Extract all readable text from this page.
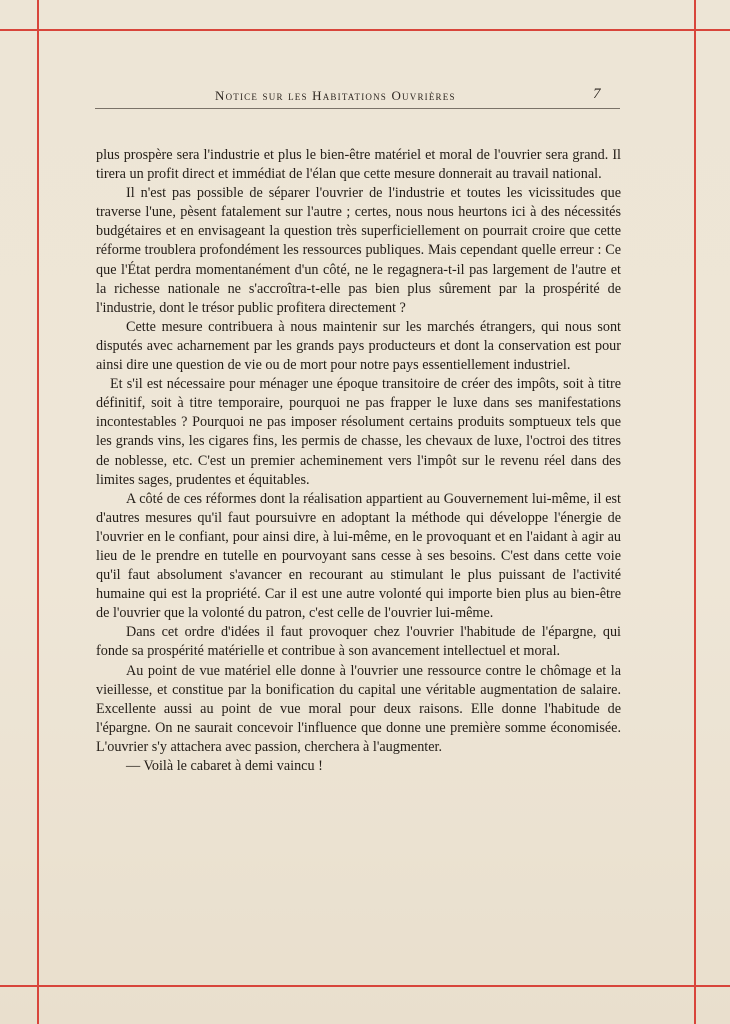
Notice sur les Habitations Ouvrières	7

plus prospère sera l'industrie et plus le bien-être matériel et moral de l'ouvrier sera grand. Il tirera un profit direct et immédiat de l'élan que cette mesure donnerait au travail national.

Il n'est pas possible de séparer l'ouvrier de l'industrie et toutes les vicissitudes que traverse l'une, pèsent fatalement sur l'autre ; certes, nous nous heurtons ici à des nécessités budgétaires et en envisageant la question très superficiellement on pourrait croire que cette réforme troublera profondément les ressources publiques. Mais cependant quelle erreur : Ce que l'État perdra momentanément d'un côté, ne le regagnera-t-il pas largement de l'autre et la richesse nationale ne s'accroîtra-t-elle pas bien plus sûrement par la prospérité de l'industrie, dont le trésor public profitera directement ?

Cette mesure contribuera à nous maintenir sur les marchés étrangers, qui nous sont disputés avec acharnement par les grands pays producteurs et dont la conservation est pour ainsi dire une question de vie ou de mort pour notre pays essentiellement industriel.

Et s'il est nécessaire pour ménager une époque transitoire de créer des impôts, soit à titre définitif, soit à titre temporaire, pourquoi ne pas frapper le luxe dans ses manifestations incontestables ? Pourquoi ne pas imposer résolument certains produits somptueux tels que les grands vins, les cigares fins, les permis de chasse, les chevaux de luxe, l'octroi des titres de noblesse, etc. C'est un premier acheminement vers l'impôt sur le revenu réel dans des limites sages, prudentes et équitables.

A côté de ces réformes dont la réalisation appartient au Gouvernement lui-même, il est d'autres mesures qu'il faut poursuivre en adoptant la méthode qui développe l'énergie de l'ouvrier en le confiant, pour ainsi dire, à lui-même, en le provoquant et en l'aidant à agir au lieu de le prendre en tutelle en pourvoyant sans cesse à ses besoins. C'est dans cette voie qu'il faut absolument s'avancer en recourant au stimulant le plus puissant de l'activité humaine qui est la propriété. Car il est une autre volonté qui importe bien plus au bien-être de l'ouvrier que la volonté du patron, c'est celle de l'ouvrier lui-même.

Dans cet ordre d'idées il faut provoquer chez l'ouvrier l'habitude de l'épargne, qui fonde sa prospérité matérielle et contribue à son avancement intellectuel et moral.

Au point de vue matériel elle donne à l'ouvrier une ressource contre le chômage et la vieillesse, et constitue par la bonification du capital une véritable augmentation de salaire. Excellente aussi au point de vue moral pour deux raisons. Elle donne l'habitude de l'épargne. On ne saurait concevoir l'influence que donne une première somme économisée. L'ouvrier s'y attachera avec passion, cherchera à l'augmenter.

— Voilà le cabaret à demi vaincu !
